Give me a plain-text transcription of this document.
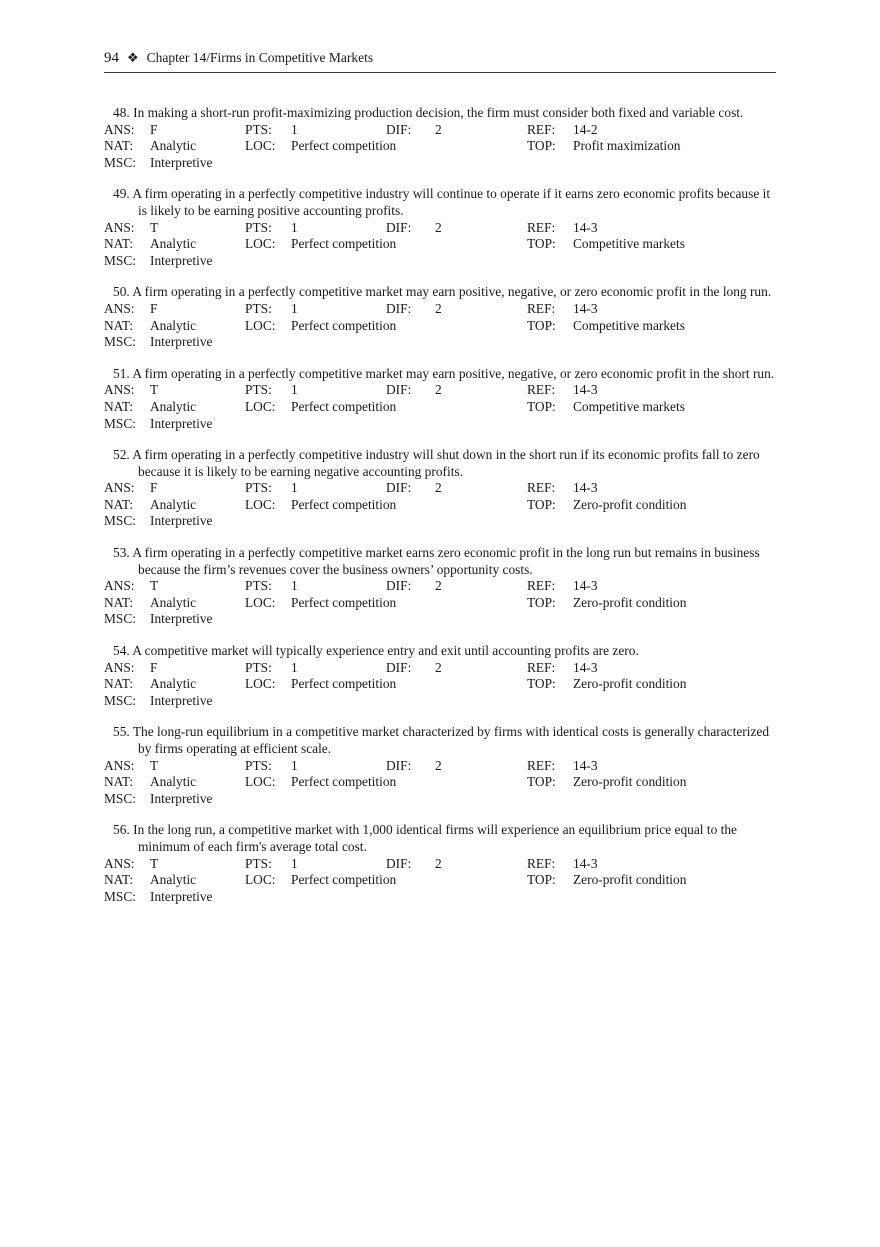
94 ❖ Chapter 14/Firms in Competitive Markets
48. In making a short-run profit-maximizing production decision, the firm must consider both fixed and variable cost.
ANS:	F	PTS:	1	DIF:	2	REF:	14-2
NAT:	Analytic	LOC:	Perfect competition	TOP:	Profit maximization
MSC:	Interpretive
49. A firm operating in a perfectly competitive industry will continue to operate if it earns zero economic profits because it is likely to be earning positive accounting profits.
ANS:	T	PTS:	1	DIF:	2	REF:	14-3
NAT:	Analytic	LOC:	Perfect competition	TOP:	Competitive markets
MSC:	Interpretive
50. A firm operating in a perfectly competitive market may earn positive, negative, or zero economic profit in the long run.
ANS:	F	PTS:	1	DIF:	2	REF:	14-3
NAT:	Analytic	LOC:	Perfect competition	TOP:	Competitive markets
MSC:	Interpretive
51. A firm operating in a perfectly competitive market may earn positive, negative, or zero economic profit in the short run.
ANS:	T	PTS:	1	DIF:	2	REF:	14-3
NAT:	Analytic	LOC:	Perfect competition	TOP:	Competitive markets
MSC:	Interpretive
52. A firm operating in a perfectly competitive industry will shut down in the short run if its economic profits fall to zero because it is likely to be earning negative accounting profits.
ANS:	F	PTS:	1	DIF:	2	REF:	14-3
NAT:	Analytic	LOC:	Perfect competition	TOP:	Zero-profit condition
MSC:	Interpretive
53. A firm operating in a perfectly competitive market earns zero economic profit in the long run but remains in business because the firm’s revenues cover the business owners’ opportunity costs.
ANS:	T	PTS:	1	DIF:	2	REF:	14-3
NAT:	Analytic	LOC:	Perfect competition	TOP:	Zero-profit condition
MSC:	Interpretive
54. A competitive market will typically experience entry and exit until accounting profits are zero.
ANS:	F	PTS:	1	DIF:	2	REF:	14-3
NAT:	Analytic	LOC:	Perfect competition	TOP:	Zero-profit condition
MSC:	Interpretive
55. The long-run equilibrium in a competitive market characterized by firms with identical costs is generally characterized by firms operating at efficient scale.
ANS:	T	PTS:	1	DIF:	2	REF:	14-3
NAT:	Analytic	LOC:	Perfect competition	TOP:	Zero-profit condition
MSC:	Interpretive
56. In the long run, a competitive market with 1,000 identical firms will experience an equilibrium price equal to the minimum of each firm's average total cost.
ANS:	T	PTS:	1	DIF:	2	REF:	14-3
NAT:	Analytic	LOC:	Perfect competition	TOP:	Zero-profit condition
MSC:	Interpretive
